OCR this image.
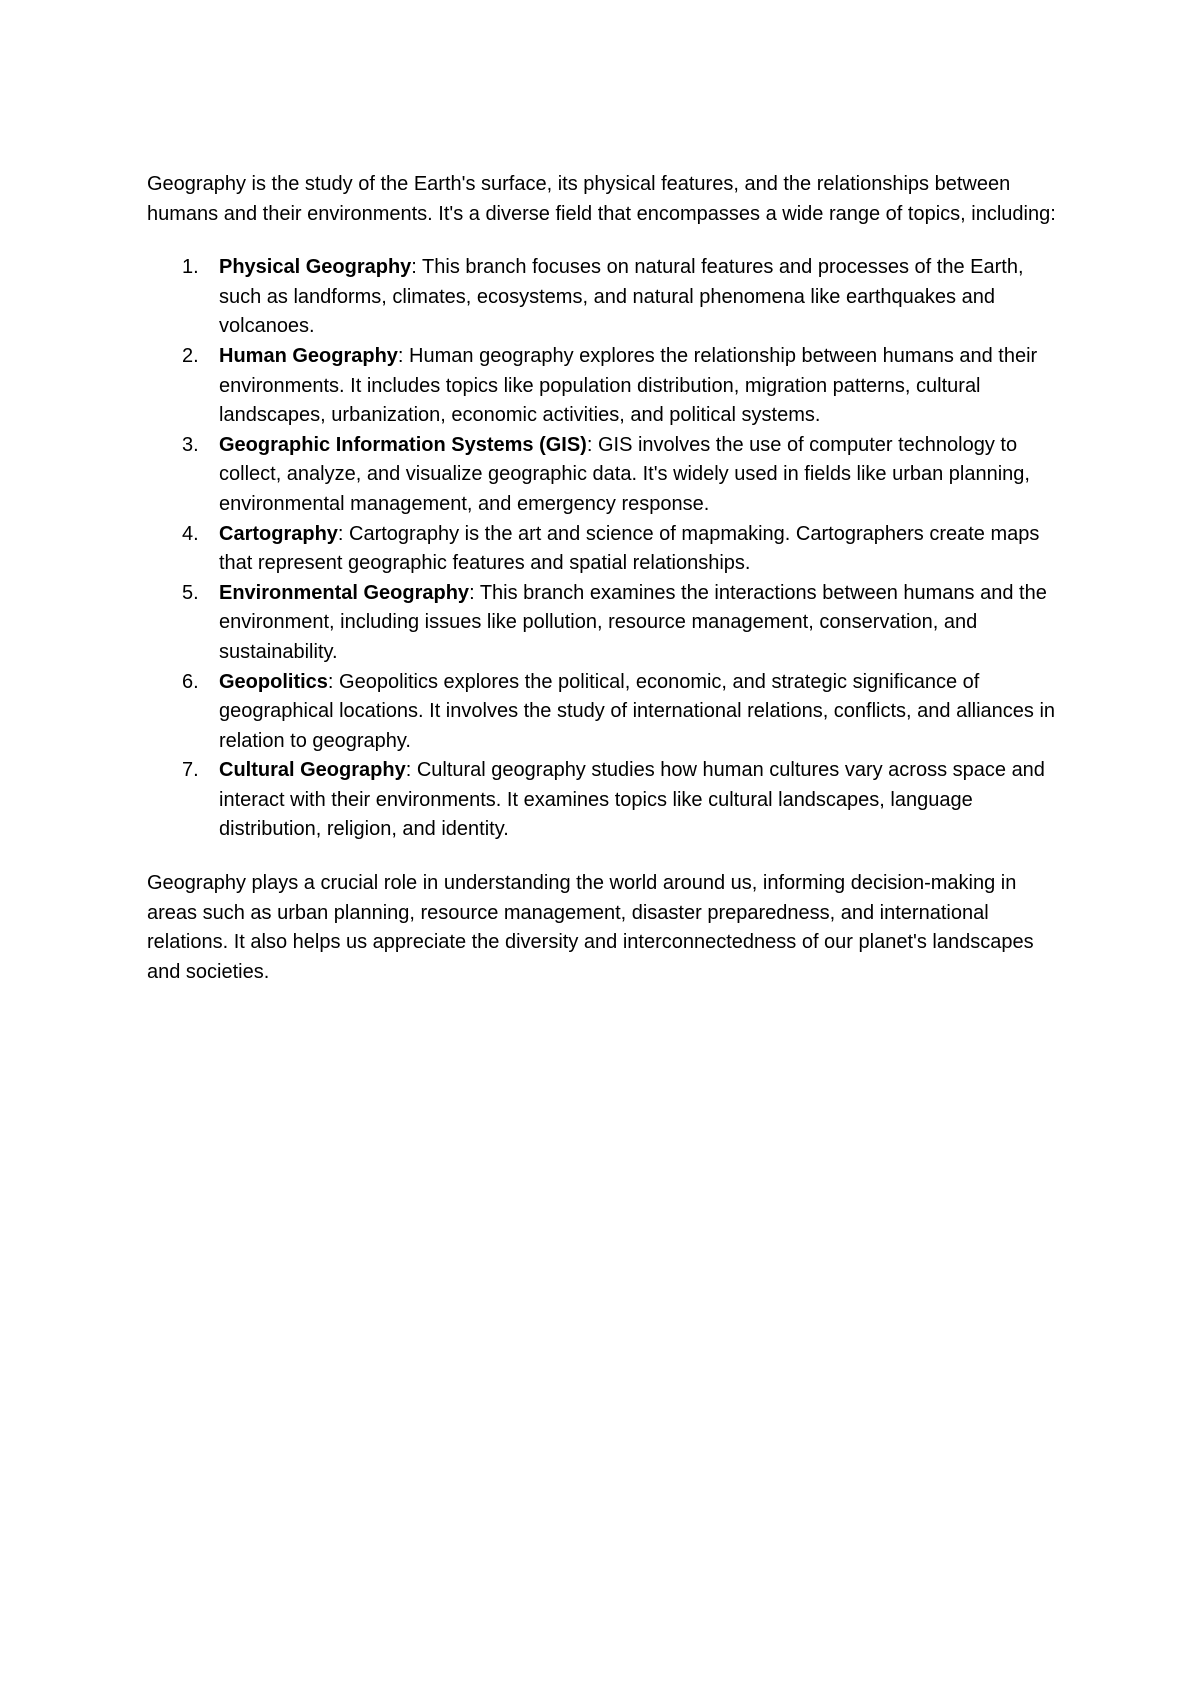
Geography is the study of the Earth's surface, its physical features, and the relationships between humans and their environments. It's a diverse field that encompasses a wide range of topics, including:

1. Physical Geography: This branch focuses on natural features and processes of the Earth, such as landforms, climates, ecosystems, and natural phenomena like earthquakes and volcanoes.
2. Human Geography: Human geography explores the relationship between humans and their environments. It includes topics like population distribution, migration patterns, cultural landscapes, urbanization, economic activities, and political systems.
3. Geographic Information Systems (GIS): GIS involves the use of computer technology to collect, analyze, and visualize geographic data. It's widely used in fields like urban planning, environmental management, and emergency response.
4. Cartography: Cartography is the art and science of mapmaking. Cartographers create maps that represent geographic features and spatial relationships.
5. Environmental Geography: This branch examines the interactions between humans and the environment, including issues like pollution, resource management, conservation, and sustainability.
6. Geopolitics: Geopolitics explores the political, economic, and strategic significance of geographical locations. It involves the study of international relations, conflicts, and alliances in relation to geography.
7. Cultural Geography: Cultural geography studies how human cultures vary across space and interact with their environments. It examines topics like cultural landscapes, language distribution, religion, and identity.

Geography plays a crucial role in understanding the world around us, informing decision-making in areas such as urban planning, resource management, disaster preparedness, and international relations. It also helps us appreciate the diversity and interconnectedness of our planet's landscapes and societies.
